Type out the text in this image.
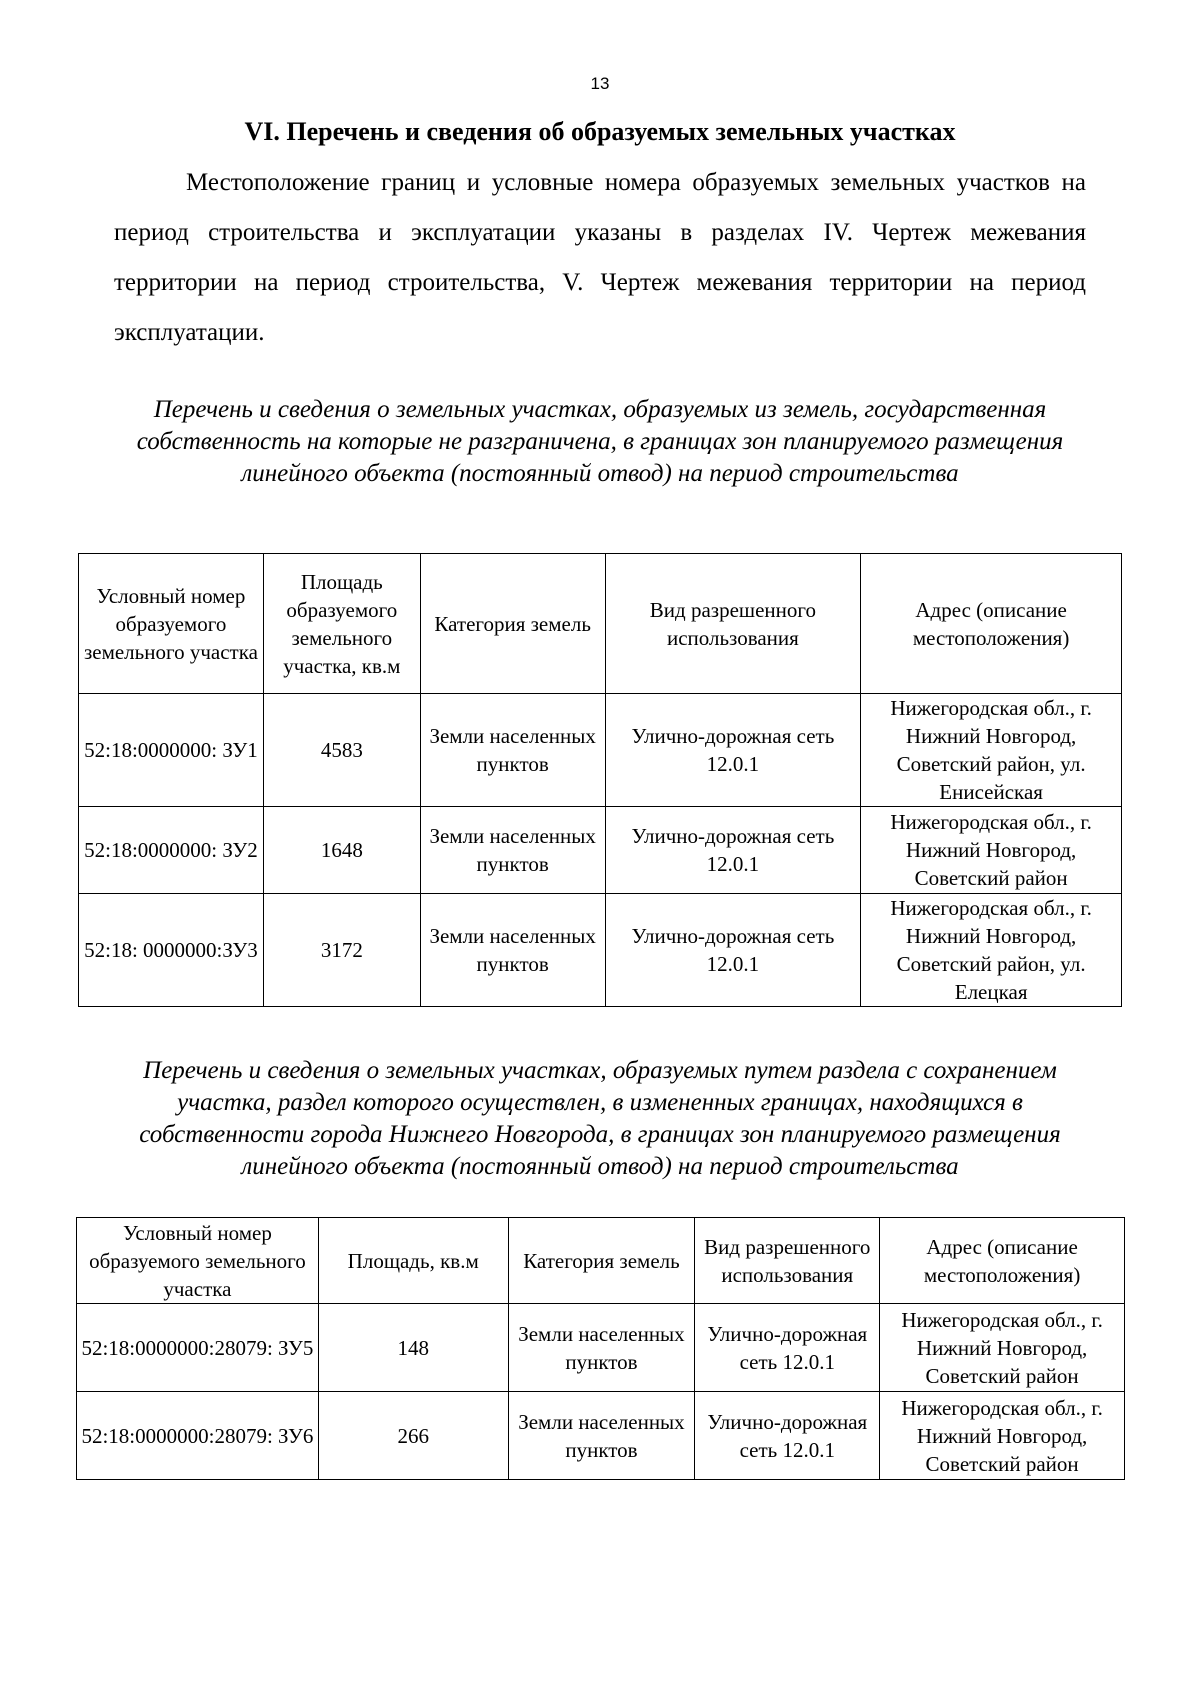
13
VI. Перечень и сведения об образуемых земельных участках

Местоположение границ и условные номера образуемых земельных участков на период строительства и эксплуатации указаны в разделах IV. Чертеж межевания территории на период строительства, V. Чертеж межевания территории на период эксплуатации.

Перечень и сведения о земельных участках, образуемых из земель, государственная собственность на которые не разграничена, в границах зон планируемого размещения линейного объекта (постоянный отвод) на период строительства

Условный номер образуемого земельного участка	Площадь образуемого земельного участка, кв.м	Категория земель	Вид разрешенного использования	Адрес (описание местоположения)
52:18:0000000: ЗУ1	4583	Земли населенных пунктов	Улично-дорожная сеть 12.0.1	Нижегородская обл., г. Нижний Новгород, Советский район, ул. Енисейская
52:18:0000000: ЗУ2	1648	Земли населенных пунктов	Улично-дорожная сеть 12.0.1	Нижегородская обл., г. Нижний Новгород, Советский район
52:18: 0000000:ЗУ3	3172	Земли населенных пунктов	Улично-дорожная сеть 12.0.1	Нижегородская обл., г. Нижний Новгород, Советский район, ул. Елецкая

Перечень и сведения о земельных участках, образуемых путем раздела с сохранением участка, раздел которого осуществлен, в измененных границах, находящихся в собственности города Нижнего Новгорода, в границах зон планируемого размещения линейного объекта (постоянный отвод) на период строительства

Условный номер образуемого земельного участка	Площадь, кв.м	Категория земель	Вид разрешенного использования	Адрес (описание местоположения)
52:18:0000000:28079: ЗУ5	148	Земли населенных пунктов	Улично-дорожная сеть 12.0.1	Нижегородская обл., г. Нижний Новгород, Советский район
52:18:0000000:28079: ЗУ6	266	Земли населенных пунктов	Улично-дорожная сеть 12.0.1	Нижегородская обл., г. Нижний Новгород, Советский район
